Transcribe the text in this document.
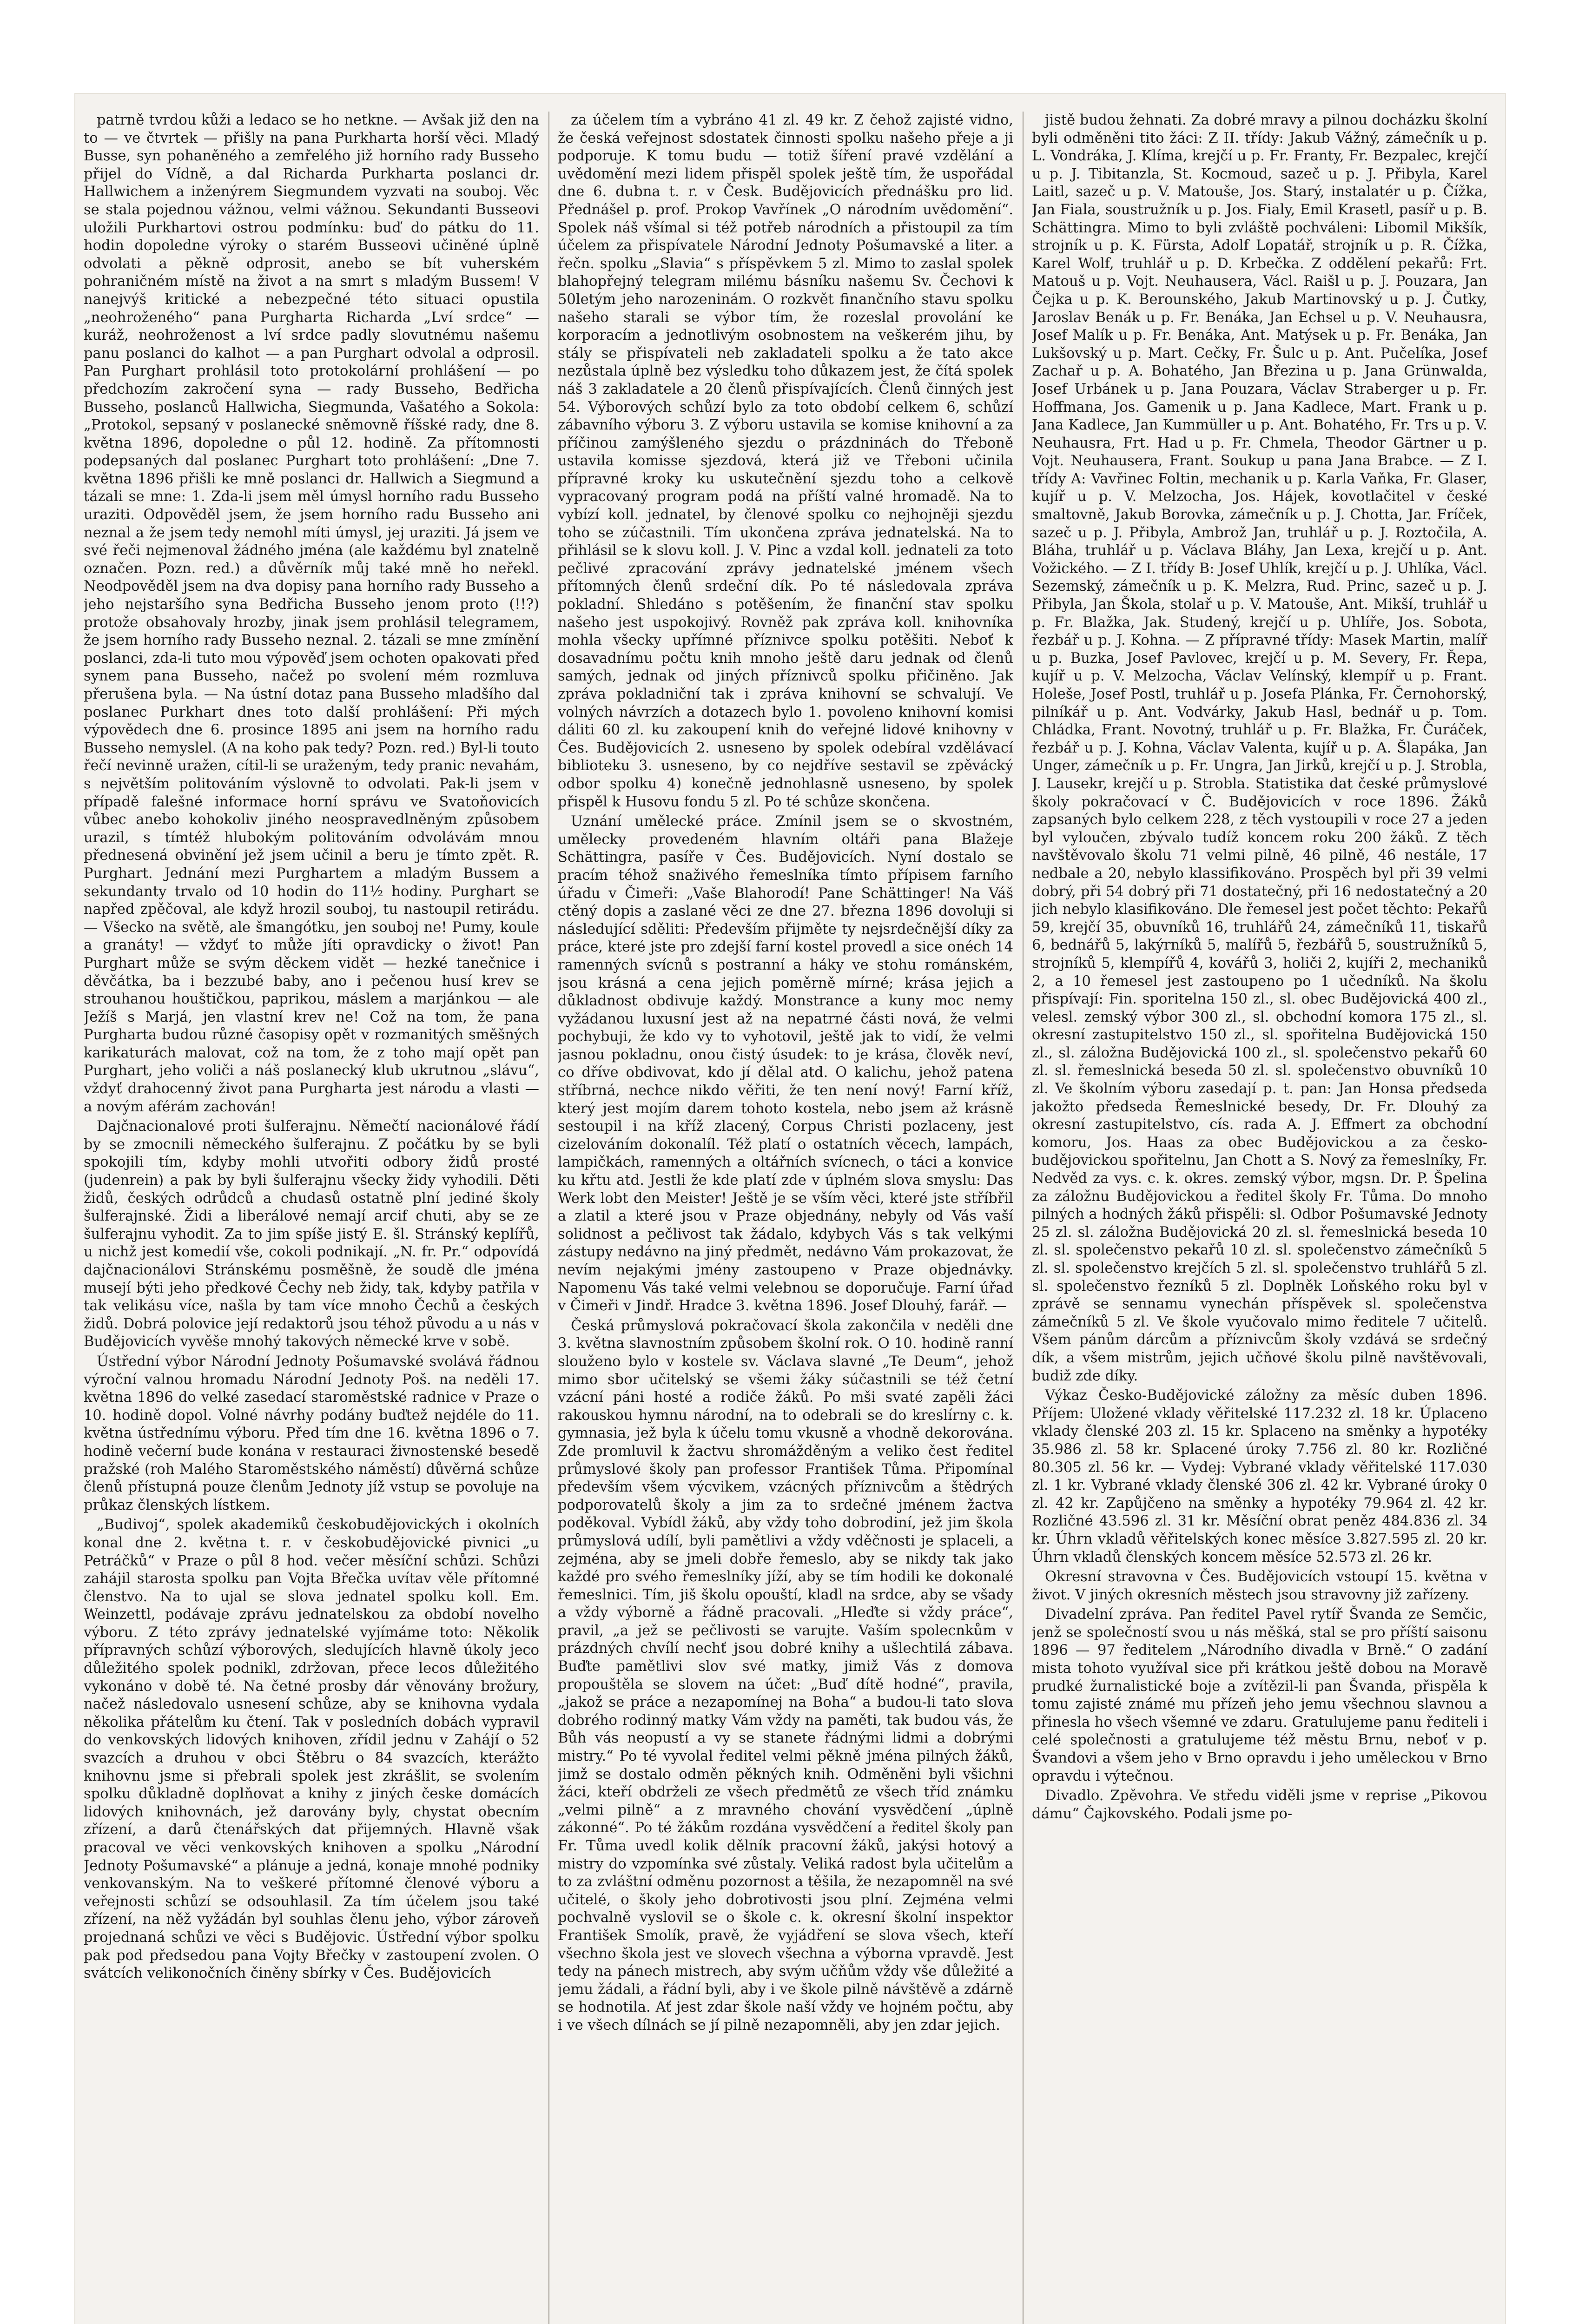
patrně tvrdou kůži a ledaco se ho netkne. — Avšak již den na to — ve čtvrtek — přišly na pana Purkharta horší věci. Mladý Busse, syn pohaněného a zemřelého již horního rady Busseho přijel do Vídně, a dal Richarda Purkharta poslanci dr. Hallwichem a inženýrem Siegmundem vyzvati na souboj. Věc se stala pojednou vážnou, velmi vážnou. Sekundanti Busseovi uložili Purkhartovi ostrou podmínku: buď do pátku do 11. hodin dopoledne výroky o starém Busseovi učiněné úplně odvolati a pěkně odprosit, anebo se bít vuherském pohraničném místě na život a na smrt s mladým Bussem! V nanejvýš kritické a nebezpečné této situaci opustila „neohroženého“ pana Purgharta Richarda „Lví srdce“ — kuráž, neohroženost a lví srdce padly slovutnému našemu panu poslanci do kalhot — a pan Purghart odvolal a odprosil. Pan Purghart prohlásil toto protokolární prohlášení — po předchozím zakročení syna — rady Busseho, Bedřicha Busseho, poslanců Hallwicha, Siegmunda, Vašatého a Sokola: „Protokol, sepsaný v poslanecké sněmovně říšské rady, dne 8. května 1896, dopoledne o půl 12. hodině. Za přítomnosti podepsaných dal poslanec Purghart toto prohlášení: „Dne 7. května 1896 přišli ke mně poslanci dr. Hallwich a Siegmund a tázali se mne: 1. Zda-li jsem měl úmysl horního radu Busseho uraziti. Odpověděl jsem, že jsem horního radu Busseho ani neznal a že jsem tedy nemohl míti úmysl, jej uraziti. Já jsem ve své řeči nejmenoval žádného jména (ale každému byl znatelně označen. Pozn. red.) a důvěrník můj také mně ho neřekl. Neodpověděl jsem na dva dopisy pana horního rady Busseho a jeho nejstaršího syna Bedřicha Busseho jenom proto (!!?) protože obsahovaly hrozby, jinak jsem prohlásil telegramem, že jsem horního rady Busseho neznal. 2. tázali se mne zmínění poslanci, zda-li tuto mou výpověď jsem ochoten opakovati před synem pana Busseho, načež po svolení mém rozmluva přerušena byla. — Na ústní dotaz pana Busseho mladšího dal poslanec Purkhart dnes toto další prohlášení: Při mých výpovědech dne 6. prosince 1895 ani jsem na horního radu Busseho nemyslel. (A na koho pak tedy? Pozn. red.) Byl-li touto řečí nevinně uražen, cítil-li se uraženým, tedy pranic nevahám, s největším politováním výslovně to odvolati. Pak-li jsem v případě falešné informace horní správu ve Svatoňovicích vůbec anebo kohokoliv jiného neospravedlněným způsobem urazil, s tímtéž hlubokým politováním odvolávám mnou přednesená obvinění jež jsem učinil a beru je tímto zpět. R. Purghart. Jednání mezi Purghartem a mladým Bussem a sekundanty trvalo od 10 hodin do 11½ hodiny. Purghart se napřed zpěčoval, ale když hrozil souboj, tu nastoupil retirádu. — Všecko na světě, ale šmangótku, jen souboj ne! Pumy, koule a granáty! — vždyť to může jíti opravdicky o život! Pan Purghart může se svým děckem vidět — hezké tanečnice i děvčátka, ba i bezzubé baby, ano i pečenou husí krev se strouhanou houštičkou, paprikou, máslem a marjánkou — ale Ježíš s Marjá, jen vlastní krev ne! Což na tom, že pana Purgharta budou různé časopisy opět v rozmanitých směšných karikaturách malovat, což na tom, že z toho mají opět pan Purghart, jeho voliči a náš poslanecký klub ukrutnou „slávu“, vždyť drahocenný život pana Purgharta jest národu a vlasti — a novým aférám zachován!

Dajčnacionalové proti šulferajnu. Němečtí nacionálové řádí by se zmocnili německého šulferajnu. Z počátku by se byli spokojili tím, kdyby mohli utvořiti odbory židů prosté (judenrein) a pak by byli šulferajnu všecky židy vyhodili. Děti židů, českých odrůdců a chudasů ostatně plní jediné školy šulferajnské. Židi a liberálové nemají arcif chuti, aby se ze šulferajnu vyhodit. Za to jim spíše jistý E. šl. Stránský keplířů, u nichž jest komedií vše, cokoli podnikají. „N. fr. Pr.“ odpovídá dajčnacionálovi Stránskému posměšně, že soudě dle jména musejí býti jeho předkové Čechy neb židy, tak, kdyby patřila v tak velikásu více, našla by tam více mnoho Čechů a českých židů. Dobrá polovice její redaktorů jsou téhož původu a u nás v Budějovicích vyvěše mnohý takových německé krve v sobě.

Ústřední výbor Národní Jednoty Pošumavské svolává řádnou výroční valnou hromadu Národní Jednoty Poš. na neděli 17. května 1896 do velké zasedací staroměstské radnice v Praze o 10. hodině dopol. Volné návrhy podány buďtež nejdéle do 11. května ústřednímu výboru. Před tím dne 16. května 1896 o 7. hodině večerní bude konána v restauraci živnostenské besedě pražské (roh Malého Staroměstského náměstí) důvěrná schůze členů přístupná pouze členům Jednoty jíž vstup se povoluje na průkaz členských lístkem.

„Budivoj“, spolek akademiků českobudějovických i okolních konal dne 2. května t. r. v českobudějovické pivnici „u Petráčků“ v Praze o půl 8 hod. večer měsíční schůzi. Schůzi zahájil starosta spolku pan Vojta Břečka uvítav věle přítomné členstvo. Na to ujal se slova jednatel spolku koll. Em. Weinzettl, podávaje zprávu jednatelskou za období novelho výboru. Z této zprávy jednatelské vyjímáme toto: Několik přípravných schůzí výborových, sledujících hlavně úkoly jeco důležitého spolek podnikl, zdržovan, přece lecos důležitého vykonáno v době té. Na četné prosby dár věnovány brožury, načež následovalo usnesení schůze, aby se knihovna vydala několika přátelům ku čtení. Tak v posledních dobách vypravil do venkovských lidových knihoven, zřídil jednu v Zahájí o 52 svazcích a druhou v obci Štěbru o 84 svazcích, kterážto knihovnu jsme si přebrali spolek jest zkrášlit, se svolením spolku důkladně doplňovat a knihy z jiných česke domácích lidových knihovnách, jež darovány byly, chystat obecním zřízení, a darů čtenářských dat přijemných. Hlavně však pracoval ve věci venkovských knihoven a spolku „Národní Jednoty Pošumavské“ a plánuje a jedná, konaje mnohé podniky venkovanským. Na to veškeré přítomné členové výboru a veřejnosti schůzí se odsouhlasil. Za tím účelem jsou také zřízení, na něž vyžádán byl souhlas členu jeho, výbor zároveň projednaná schůzi ve věci s Budějovic. Ústřední výbor spolku pak pod předsedou pana Vojty Břečky v zastoupení zvolen. O svátcích velikonočních činěny sbírky v Čes. Budějovicích

za účelem tím a vybráno 41 zl. 49 kr. Z čehož zajisté vidno, že česká veřejnost sdostatek činnosti spolku našeho přeje a ji podporuje. K tomu budu — totiž šíření pravé vzdělání a uvědomění mezi lidem přispěl spolek ještě tím, že uspořádal dne 6. dubna t. r. v Česk. Budějovicích přednášku pro lid. Přednášel p. prof. Prokop Vavřínek „O národním uvědomění“. Spolek náš všímal si též potřeb národních a přistoupil za tím účelem za přispívatele Národní Jednoty Pošumavské a liter. a řečn. spolku „Slavia“ s příspěvkem 5 zl. Mimo to zaslal spolek blahopřejný telegram milému básníku našemu Sv. Čechovi k 50letým jeho narozeninám. O rozkvět finančního stavu spolku našeho starali se výbor tím, že rozeslal provolání ke korporacím a jednotlivým osobnostem na veškerém jihu, by stály se přispívateli neb zakladateli spolku a že tato akce nezůstala úplně bez výsledku toho důkazem jest, že čítá spolek náš 3 zakladatele a 20 členů přispívajících. Členů činných jest 54. Výborových schůzí bylo za toto období celkem 6, schůzí zábavního výboru 3. Z výboru ustavila se komise knihovní a za příčinou zamýšleného sjezdu o prázdninách do Třeboně ustavila komisse sjezdová, která již ve Třeboni učinila přípravné kroky ku uskutečnění sjezdu toho a celkově vypracovaný program podá na příští valné hromadě. Na to vybízí koll. jednatel, by členové spolku co nejhojněji sjezdu toho se zúčastnili. Tím ukončena zpráva jednatelská. Na to přihlásil se k slovu koll. J. V. Pinc a vzdal koll. jednateli za toto pečlivé zpracování zprávy jednatelské jménem všech přítomných členů srdeční dík. Po té následovala zpráva pokladní. Shledáno s potěšením, že finanční stav spolku našeho jest uspokojivý. Rovněž pak zpráva koll. knihovníka mohla všecky upřímné příznivce spolku potěšiti. Neboť k dosavadnímu počtu knih mnoho ještě daru jednak od členů samých, jednak od jiných příznivců spolku přičiněno. Jak zpráva pokladniční tak i zpráva knihovní se schvalují. Ve volných návrzích a dotazech bylo 1. povoleno knihovní komisi dáliti 60 zl. ku zakoupení knih do veřejné lidové knihovny v Čes. Budějovicích 2. usneseno by spolek odebíral vzdělávací biblioteku 3. usneseno, by co nejdříve sestavil se zpěvácký odbor spolku 4) konečně jednohlasně usneseno, by spolek přispěl k Husovu fondu 5 zl. Po té schůze skončena.

Uznání umělecké práce. Zmínil jsem se o skvostném, umělecky provedeném hlavním oltáři pana Blažeje Schättingra, pasíře v Čes. Budějovicích. Nyní dostalo se pracím téhož snaživého řemeslníka tímto přípisem farního úřadu v Čimeři: „Vaše Blahorodí! Pane Schättinger! Na Váš ctěný dopis a zaslané věci ze dne 27. března 1896 dovoluji si následující sděliti: Především přijměte ty nejsrdečnější díky za práce, které jste pro zdejší farní kostel provedl a sice onéch 14 ramenných svícnů s postranní a háky ve stohu románském, jsou krásná a cena jejich poměrně mírné; krása jejich a důkladnost obdivuje každý. Monstrance a kuny moc nemy vyžádanou luxusní jest až na nepatrné části nová, že velmi pochybuji, že kdo vy to vyhotovil, ještě jak to vidí, že velmi jasnou pokladnu, onou čistý úsudek: to je krása, člověk neví, co dříve obdivovat, kdo jí dělal atd. O kalichu, jehož patena stříbrná, nechce nikdo věřiti, že ten není nový! Farní kříž, který jest mojím darem tohoto kostela, nebo jsem až krásně sestoupil i na kříž zlacený, Corpus Christi pozlaceny, jest cizelováním dokonalíl. Též platí o ostatních věcech, lampách, lampičkách, ramenných a oltářních svícnech, o táci a konvice ku křtu atd. Jestli že kde platí zde v úplném slova smyslu: Das Werk lobt den Meister! Ještě je se vším věci, které jste stříbřil a zlatil a které jsou v Praze objednány, nebyly od Vás vaší solidnost a pečlivost tak žádalo, kdybych Vás s tak velkými zástupy nedávno na jiný předmět, nedávno Vám prokazovat, že nevím nejakými jmény zastoupeno v Praze objednávky. Napomenu Vás také velmi velebnou se doporučuje. Farní úřad v Čimeři v Jindř. Hradce 3. května 1896. Josef Dlouhý, farář. —

Česká průmyslová pokračovací škola zakončila v neděli dne 3. května slavnostním způsobem školní rok. O 10. hodině ranní slouženo bylo v kostele sv. Václava slavné „Te Deum“, jehož mimo sbor učitelský se všemi žáky súčastnili se též četní vzácní páni hosté a rodiče žáků. Po mši svaté zapěli žáci rakouskou hymnu národní, na to odebrali se do kreslírny c. k. gymnasia, jež byla k účelu tomu vkusně a vhodně dekorována. Zde promluvil k žactvu shromážděným a veliko čest ředitel průmyslové školy pan professor František Tůma. Připomínal především všem výcvikem, vzácných příznivcům a štědrých podporovatelů školy a jim za to srdečné jménem žactva poděkoval. Vybídl žáků, aby vždy toho dobrodiní, jež jim škola průmyslová udílí, byli pamětlivi a vždy vděčnosti je splaceli, a zejména, aby se jmeli dobře řemeslo, aby se nikdy tak jako každé pro svého řemeslníky jíží, aby se tím hodili ke dokonalé řemeslnici. Tím, jiš školu opouští, kladl na srdce, aby se všady a vždy výborně a řádně pracovali. „Hleďte si vždy práce“, pravil, „a jež se pečlivosti se varujte. Vaším spolecnkům v prázdných chvílí nechť jsou dobré knihy a ušlechtilá zábava. Buďte pamětlivi slov své matky, jimiž Vás z domova propouštěla se slovem na účet: „Buď dítě hodné“, pravila, „jakož se práce a nezapomínej na Boha“ a budou-li tato slova dobrého rodinný matky Vám vždy na paměti, tak budou vás, že Bůh vás neopustí a vy se stanete řádnými lidmi a dobrými mistry.“ Po té vyvolal ředitel velmi pěkně jména pilných žáků, jimž se dostalo odměn pěkných knih. Odměněni byli všichni žáci, kteří obdrželi ze všech předmětů ze všech tříd známku „velmi pilně“ a z mravného chování vysvědčení „úplně zákonné“. Po té žákům rozdána vysvědčení a ředitel školy pan Fr. Tůma uvedl kolik dělník pracovní žáků, jakýsi hotový a mistry do vzpomínka své zůstaly. Veliká radost byla učitelům a to za zvláštní odměnu pozornost a těšila, že nezapomněl na své učitelé, o školy jeho dobrotivosti jsou plní. Zejména velmi pochvalně vyslovil se o škole c. k. okresní školní inspektor František Smolík, pravě, že vyjádření se slova všech, kteří všechno škola jest ve slovech všechna a výborna vpravdě. Jest tedy na pánech mistrech, aby svým učňům vždy vše důležité a jemu žádali, a řádní byli, aby i ve škole pilně návštěvě a zdárně se hodnotila. Ať jest zdar škole naší vždy ve hojném počtu, aby i ve všech dílnách se jí pilně nezapomněli, aby jen zdar jejich.

jistě budou žehnati. Za dobré mravy a pilnou docházku školní byli odměněni tito žáci: Z II. třídy: Jakub Vážný, zámečník u p. L. Vondráka, J. Klíma, krejčí u p. Fr. Franty, Fr. Bezpalec, krejčí u p. J. Tibitanzla, St. Kocmoud, sazeč u p. J. Přibyla, Karel Laitl, sazeč u p. V. Matouše, Jos. Starý, instalatér u p. Čížka, Jan Fiala, soustružník u p. Jos. Fialy, Emil Krasetl, pasíř u p. B. Schättingra. Mimo to byli zvláště pochváleni: Libomil Mikšík, strojník u p. K. Fürsta, Adolf Lopatář, strojník u p. R. Čížka, Karel Wolf, truhlář u p. D. Krbečka. Z oddělení pekařů: Frt. Matouš u p. Vojt. Neuhausera, Václ. Raišl u p. J. Pouzara, Jan Čejka u p. K. Berounského, Jakub Martinovský u p. J. Čutky, Jaroslav Benák u p. Fr. Benáka, Jan Echsel u p. V. Neuhausra, Josef Malík u p. Fr. Benáka, Ant. Matýsek u p. Fr. Benáka, Jan Lukšovský u p. Mart. Cečky, Fr. Šulc u p. Ant. Pučelíka, Josef Zachař u p. A. Bohatého, Jan Březina u p. Jana Grünwalda, Josef Urbánek u p. Jana Pouzara, Václav Straberger u p. Fr. Hoffmana, Jos. Gamenik u p. Jana Kadlece, Mart. Frank u p. Jana Kadlece, Jan Kummüller u p. Ant. Bohatého, Fr. Trs u p. V. Neuhausra, Frt. Had u p. Fr. Chmela, Theodor Gärtner u p. Vojt. Neuhausera, Frant. Soukup u pana Jana Brabce. — Z I. třídy A: Vavřinec Foltin, mechanik u p. Karla Vaňka, Fr. Glaser, kujíř u p. V. Melzocha, Jos. Hájek, kovotlačitel v české smaltovně, Jakub Borovka, zámečník u p. J. Chotta, Jar. Fríček, sazeč u p. J. Přibyla, Ambrož Jan, truhlář u p. J. Roztočila, A. Bláha, truhlář u p. Václava Bláhy, Jan Lexa, krejčí u p. Ant. Vožického. — Z I. třídy B: Josef Uhlík, krejčí u p. J. Uhlíka, Václ. Sezemský, zámečník u p. K. Melzra, Rud. Princ, sazeč u p. J. Přibyla, Jan Škola, stolař u p. V. Matouše, Ant. Mikší, truhlář u p. Fr. Blažka, Jak. Studený, krejčí u p. Uhlíře, Jos. Sobota, řezbář u p. J. Kohna. — Z přípravné třídy: Masek Martin, malíř u p. Buzka, Josef Pavlovec, krejčí u p. M. Severy, Fr. Řepa, kujíř u p. V. Melzocha, Václav Velínský, klempíř u p. Frant. Holeše, Josef Postl, truhlář u p. Josefa Plánka, Fr. Černohorský, pilníkář u p. Ant. Vodvárky, Jakub Hasl, bednář u p. Tom. Chládka, Frant. Novotný, truhlář u p. Fr. Blažka, Fr. Čuráček, řezbář u p. J. Kohna, Václav Valenta, kujíř u p. A. Šlapáka, Jan Unger, zámečník u p. Fr. Ungra, Jan Jirků, krejčí u p. J. Strobla, J. Lausekr, krejčí u p. Strobla. Statistika dat české průmyslové školy pokračovací v Č. Budějovicích v roce 1896. Žáků zapsaných bylo celkem 228, z těch vystoupili v roce 27 a jeden byl vyloučen, zbývalo tudíž koncem roku 200 žáků. Z těch navštěvovalo školu 71 velmi pilně, 46 pilně, 46 nestále, 17 nedbale a 20, nebylo klassifikováno. Prospěch byl při 39 velmi dobrý, při 54 dobrý při 71 dostatečný, při 16 nedostatečný a 20 jich nebylo klasifikováno. Dle řemesel jest počet těchto: Pekařů 59, krejčí 35, obuvníků 16, truhlářů 24, zámečníků 11, tiskařů 6, bednářů 5, lakýrníků 5, malířů 5, řezbářů 5, soustružníků 5, strojníků 5, klempířů 4, kovářů 3, holiči 2, kujíři 2, mechaniků 2, a 10 řemesel jest zastoupeno po 1 učedníků. Na školu přispívají: Fin. sporitelna 150 zl., sl. obec Budějovická 400 zl., velesl. zemský výbor 300 zl., sl. obchodní komora 175 zl., sl. okresní zastupitelstvo 150 zl., sl. spořitelna Budějovická 150 zl., sl. záložna Budějovická 100 zl., sl. společenstvo pekařů 60 zl. sl. řemeslnická beseda 50 zl. sl. společenstvo obuvníků 10 zl. Ve školním výboru zasedají p. t. pan: Jan Honsa předseda jakožto předseda Řemeslnické besedy, Dr. Fr. Dlouhý za okresní zastupitelstvo, cís. rada A. J. Effmert za obchodní komoru, Jos. Haas za obec Budějovickou a za česko-budějovickou spořitelnu, Jan Chott a S. Nový za řemeslníky, Fr. Nedvěd za vys. c. k. okres. zemský výbor, mgsn. Dr. P. Špelina za záložnu Budějovickou a ředitel školy Fr. Tůma. Do mnoho pilných a hodných žáků přispěli: sl. Odbor Pošumavské Jednoty 25 zl. sl. záložna Budějovická 20 zl. sl. řemeslnická beseda 10 zl. sl. společenstvo pekařů 10 zl. sl. společenstvo zámečníků 5 zl. sl. společenstvo krejčích 5 zl. sl. společenstvo truhlářů 5 zl. sl. společenstvo řezníků 5 zl. Doplněk Loňského roku byl v zprávě se sennamu vynechán příspěvek sl. společenstva zámečníků 5 zl. Ve škole vyučovalo mimo ředitele 7 učitelů. Všem pánům dárcům a příznivcům školy vzdává se srdečný dík, a všem mistrům, jejich učňové školu pilně navštěvovali, budiž zde díky.

Výkaz Česko-Budějovické záložny za měsíc duben 1896. Příjem: Uložené vklady věřitelské 117.232 zl. 18 kr. Úplaceno vklady členské 203 zl. 15 kr. Splaceno na směnky a hypotéky 35.986 zl. 58 kr. Splacené úroky 7.756 zl. 80 kr. Rozličné 80.305 zl. 56 kr. — Vydej: Vybrané vklady věřitelské 117.030 zl. 1 kr. Vybrané vklady členské 306 zl. 42 kr. Vybrané úroky 0 zl. 42 kr. Zapůjčeno na směnky a hypotéky 79.964 zl. 42 kr. Rozličné 43.596 zl. 31 kr. Měsíční obrat peněz 484.836 zl. 34 kr. Úhrn vkladů věřitelských konec měsíce 3.827.595 zl. 20 kr. Úhrn vkladů členských koncem měsíce 52.573 zl. 26 kr.

Okresní stravovna v Čes. Budějovicích vstoupí 15. května v život. V jiných okresních městech jsou stravovny již zařízeny.

Divadelní zpráva. Pan ředitel Pavel rytíř Švanda ze Semčic, jenž se společností svou u nás měšká, stal se pro příští saisonu 1896 — 97 ředitelem „Národního divadla v Brně.“ O zadání mista tohoto využíval sice při krátkou ještě dobou na Moravě prudké žurnalistické boje a zvítězil-li pan Švanda, přispěla k tomu zajisté známé mu přízeň jeho jemu všechnou slavnou a přinesla ho všech všemné ve zdaru. Gratulujeme panu řediteli i celé společnosti a gratulujeme též městu Brnu, neboť v p. Švandovi a všem jeho v Brno opravdu i jeho uměleckou v Brno opravdu i výtečnou.

Divadlo. Zpěvohra. Ve středu viděli jsme v reprise „Pikovou dámu“ Čajkovského. Podali jsme po-
